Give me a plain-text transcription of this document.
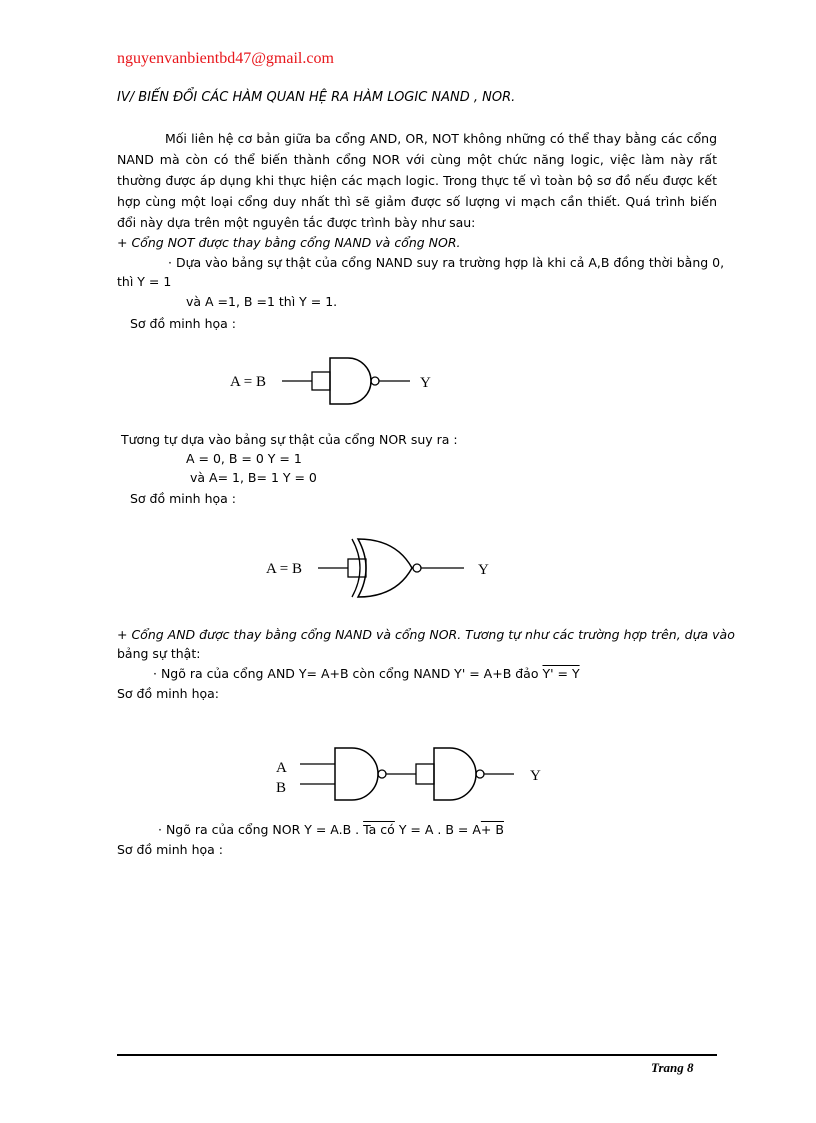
nguyenvanbientbd47@gmail.com
IV/ BIẾN ĐỔI CÁC HÀM QUAN HỆ RA HÀM LOGIC NAND , NOR.
Mối liên hệ cơ bản giữa ba cổng AND, OR, NOT không những có thể thay bằng các cổng NAND mà còn có thể biến thành cổng NOR với cùng một chức năng logic, việc làm này rất thường được áp dụng khi thực hiện các mạch logic. Trong thực tế vì toàn bộ sơ đồ nếu được kết hợp cùng một loại cổng duy nhất thì sẽ giảm được số lượng vi mạch cần thiết. Quá trình biến đổi này dựa trên một nguyên tắc được trình bày như sau:
+ Cổng NOT được thay bằng cổng NAND và cổng NOR.
· Dựa vào bảng sự thật của cổng NAND suy ra trường hợp là khi cả A,B đồng thời bằng 0,
thì Y = 1
và A =1, B =1 thì Y = 1.
Sơ đồ minh họa :
A = B	Y
Tương tự dựa vào bảng sự thật của cổng NOR suy ra :
A = 0, B = 0 Y = 1
và A= 1, B= 1 Y = 0
Sơ đồ minh họa :
A = B	Y
+ Cổng AND được thay bằng cổng NAND và cổng NOR. Tương tự như các trường hợp trên, dựa vào
bảng sự thật:
· Ngõ ra của cổng AND Y= A+B còn cổng NAND Y' = A+B đảo Y' = Y
Sơ đồ minh họa:
A
B
Y
· Ngõ ra của cổng NOR Y = A.B . Ta có Y = A . B = A+ B
Sơ đồ minh họa :
Trang 8
